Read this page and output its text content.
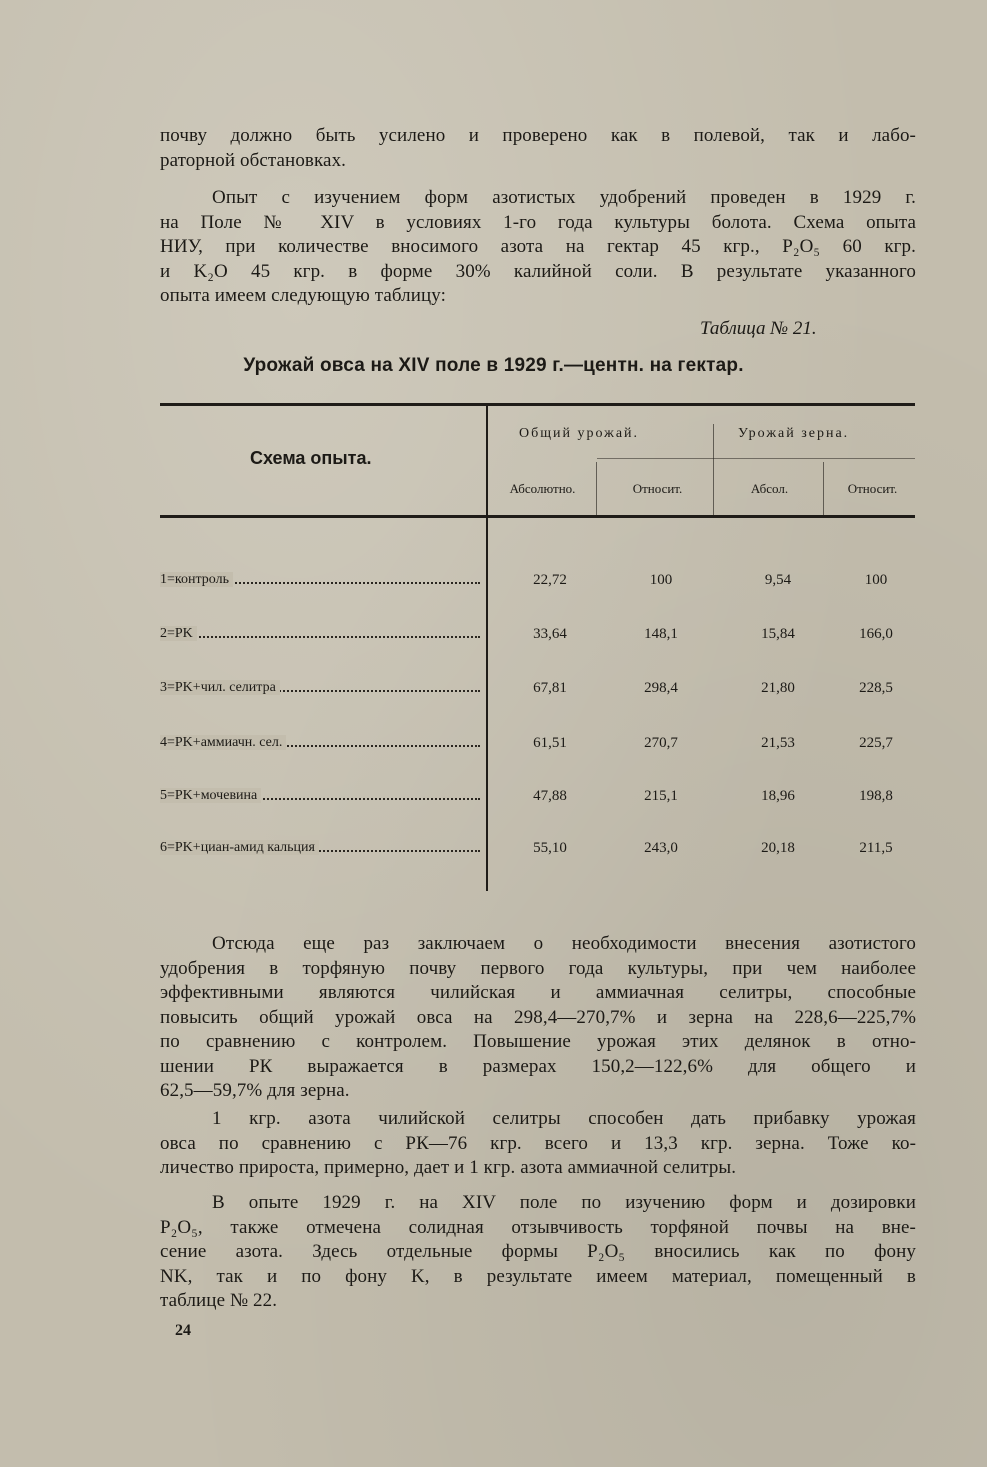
почву должно быть усилено и проверено как в полевой, так и лабо-
раторной обстановках.
Опыт с изучением форм азотистых удобрений проведен в 1929 г.
на Поле № XIV в условиях 1-го года культуры болота. Схема опыта
НИУ, при количестве вносимого азота на гектар 45 кгр., P₂O₅ 60 кгр.
и K₂O 45 кгр. в форме 30% калийной соли. В результате указанного
опыта имеем следующую таблицу:
Таблица № 21.
Урожай овса на XIV поле в 1929 г.—центн. на гектар.
Схема опыта.
Общий урожай.	Урожай зерна.
Абсолютно.	Относит.	Абсол.	Относит.
1=контроль	22,72	100	9,54	100
2=PK	33,64	148,1	15,84	166,0
3=PK+чил. селитра	67,81	298,4	21,80	228,5
4=PK+аммиачн. сел.	61,51	270,7	21,53	225,7
5=PK+мочевина	47,88	215,1	18,96	198,8
6=PK+циан-амид кальция	55,10	243,0	20,18	211,5
Отсюда еще раз заключаем о необходимости внесения азотистого
удобрения в торфяную почву первого года культуры, при чем наиболее
эффективными являются чилийская и аммиачная селитры, способные
повысить общий урожай овса на 298,4—270,7% и зерна на 228,6—225,7%
по сравнению с контролем. Повышение урожая этих делянок в отно-
шении РК выражается в размерах 150,2—122,6% для общего и
62,5—59,7% для зерна.
1 кгр. азота чилийской селитры способен дать прибавку урожая
овса по сравнению с РК—76 кгр. всего и 13,3 кгр. зерна. Тоже ко-
личество прироста, примерно, дает и 1 кгр. азота аммиачной селитры.
В опыте 1929 г. на XIV поле по изучению форм и дозировки
P₂O₅, также отмечена солидная отзывчивость торфяной почвы на вне-
сение азота. Здесь отдельные формы P₂O₅ вносились как по фону
NK, так и по фону K, в результате имеем материал, помещенный в
таблице № 22.
24
